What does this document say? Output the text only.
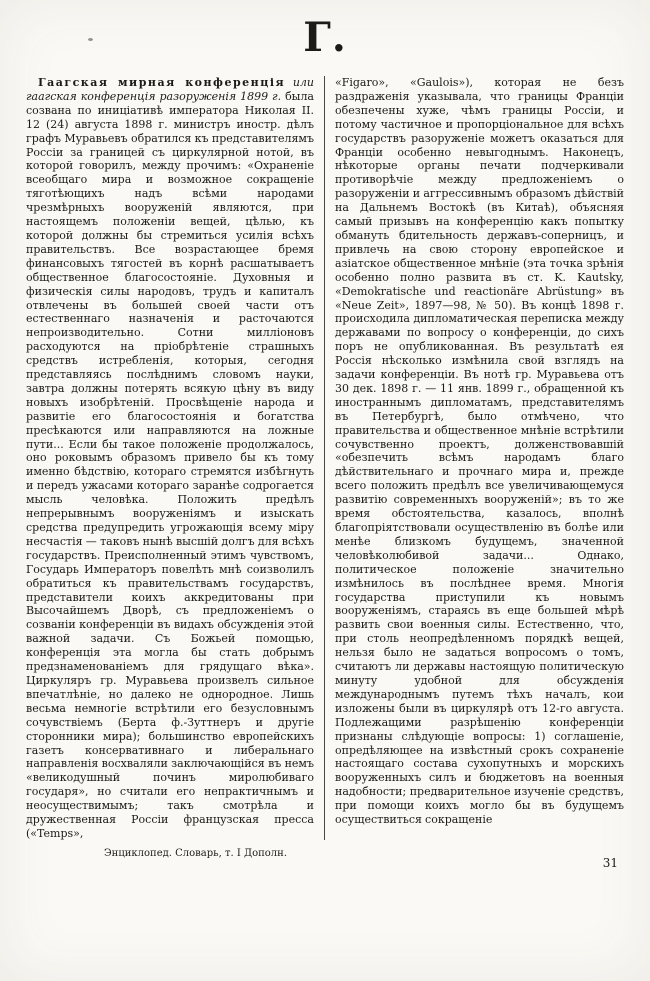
Г.

Гаагская мирная конференція или гаагская конференція разоруженія 1899 г. была созвана по иниціативѣ императора Николая II. 12 (24) августа 1898 г. министръ иностр. дѣлъ графъ Муравьевъ обратился къ представителямъ Россіи за границей съ циркулярной нотой, въ которой говорилъ, между прочимъ: «Охраненіе всеобщаго мира и возможное сокращеніе тяготѣющихъ надъ всѣми народами чрезмѣрныхъ вооруженій являются, при настоящемъ положеніи вещей, цѣлью, къ которой должны бы стремиться усилія всѣхъ правительствъ. Все возрастающее бремя финансовыхъ тягостей въ корнѣ расшатываетъ общественное благосостояніе. Духовныя и физическія силы народовъ, трудъ и капиталъ отвлечены въ большей своей части отъ естественнаго назначенія и расточаются непроизводительно. Сотни милліоновъ расходуются на пріобрѣтеніе страшныхъ средствъ истребленія, которыя, сегодня представляясь послѣднимъ словомъ науки, завтра должны потерять всякую цѣну въ виду новыхъ изобрѣтеній. Просвѣщеніе народа и развитіе его благосостоянія и богатства пресѣкаются или направляются на ложные пути... Если бы такое положеніе продолжалось, оно роковымъ образомъ привело бы къ тому именно бѣдствію, котораго стремятся избѣгнуть и передъ ужасами котораго заранѣе содрогается мысль человѣка. Положить предѣлъ непрерывнымъ вооруженіямъ и изыскать средства предупредить угрожающія всему міру несчастія — таковъ нынѣ высшій долгъ для всѣхъ государствъ. Преисполненный этимъ чувствомъ, Государь Императоръ повелѣть мнѣ соизволилъ обратиться къ правительствамъ государствъ, представители коихъ аккредитованы при Высочайшемъ Дворѣ, съ предложеніемъ о созваніи конференціи въ видахъ обсужденія этой важной задачи. Съ Божьей помощью, конференція эта могла бы стать добрымъ предзнаменованіемъ для грядущаго вѣка». Циркуляръ гр. Муравьева произвелъ сильное впечатлѣніе, но далеко не однородное. Лишь весьма немногіе встрѣтили его безусловнымъ сочувствіемъ (Берта ф.-Зуттнеръ и другіе сторонники мира); большинство европейскихъ газетъ консервативнаго и либеральнаго направленія восхваляли заключающійся въ немъ «великодушный починъ миролюбиваго государя», но считали его непрактичнымъ и неосуществимымъ; такъ смотрѣла и дружественная Россіи французская пресса («Temps»,

«Figaro», «Gaulois»), которая не безъ раздраженія указывала, что границы Франціи обезпечены хуже, чѣмъ границы Россіи, и потому частичное и пропорціональное для всѣхъ государствъ разоруженіе можетъ оказаться для Франціи особенно невыгоднымъ. Наконецъ, нѣкоторые органы печати подчеркивали противорѣчіе между предложеніемъ о разоруженіи и аггрессивнымъ образомъ дѣйствій на Дальнемъ Востокѣ (въ Китаѣ), объясняя самый призывъ на конференцію какъ попытку обмануть бдительность державъ-соперницъ, и привлечь на свою сторону европейское и азіатское общественное мнѣніе (эта точка зрѣнія особенно полно развита въ ст. K. Kautsky, «Demokratische und reactionäre Abrüstung» въ «Neue Zeit», 1897—98, № 50). Въ концѣ 1898 г. происходила дипломатическая переписка между державами по вопросу о конференціи, до сихъ поръ не опубликованная. Въ результатѣ ея Россія нѣсколько измѣнила свой взглядъ на задачи конференціи. Въ нотѣ гр. Муравьева отъ 30 дек. 1898 г. — 11 янв. 1899 г., обращенной къ иностраннымъ дипломатамъ, представителямъ въ Петербургѣ, было отмѣчено, что правительства и общественное мнѣніе встрѣтили сочувственно проектъ, долженствовавшій «обезпечить всѣмъ народамъ благо дѣйствительнаго и прочнаго мира и, прежде всего положить предѣлъ все увеличивающемуся развитію современныхъ вооруженій»; въ то же время обстоятельства, казалось, вполнѣ благопріятствовали осуществленію въ болѣе или менѣе близкомъ будущемъ, значенной человѣколюбивой задачи... Однако, политическое положеніе значительно измѣнилось въ послѣднее время. Многія государства приступили къ новымъ вооруженіямъ, стараясь въ еще большей мѣрѣ развить свои военныя силы. Естественно, что, при столь неопредѣленномъ порядкѣ вещей, нельзя было не задаться вопросомъ о томъ, считаютъ ли державы настоящую политическую минуту удобной для обсужденія международнымъ путемъ тѣхъ началъ, кои изложены были въ циркулярѣ отъ 12-го августа. Подлежащими разрѣшенію конференціи признаны слѣдующіе вопросы: 1) соглашеніе, опредѣляющее на извѣстный срокъ сохраненіе настоящаго состава сухопутныхъ и морскихъ вооруженныхъ силъ и бюджетовъ на военныя надобности; предварительное изученіе средствъ, при помощи коихъ могло бы въ будущемъ осуществиться сокращеніе

Энциклопед. Словарь, т. I Дополн.
31
